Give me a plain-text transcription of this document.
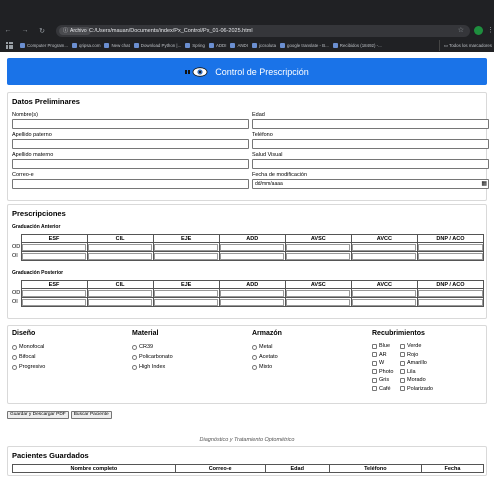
← → ↻	ⓘ Archivo C:/Users/mauan/Documents/index/Px_Control/Px_01-06-2025.html	☆	⋮
Computer Program...	qripsa.com	New chat	Download Python |...	Spring	ADDI	ANDI	jccsoluta	google translate - B...	Recibidos (18492) -...	▭ Todos los marcadores
Control de Prescripción
Datos Preliminares
Nombre(s)	Edad
Apellido paterno	Teléfono
Apellido materno	Salud Visual
Correo-e	Fecha de modificación
dd/mm/aaaa
▦
Prescripciones
Graduación Anterior
	ESF	CIL	EJE	ADD	AVSC	AVCC	DNP / ACO
OD	

OI	

Graduación Posterior
	ESF	CIL	EJE	ADD	AVSC	AVCC	DNP / ACO
OD	

OI	

Diseño
Monofocal
Bifocal
Progresivo
Material
CR39
Policarbonato
High Index
Armazón
Metal
Acetato
Mixto
Recubrimientos
Blue
AR
W
Photo
Gris
Café
Verde
Rojo
Amarillo
Lila
Morado
Polarizado
Guardar y Descargar PDF	Buscar Paciente
Diagnóstico y Tratamiento Optométrico
Pacientes Guardados
Nombre completo	Correo-e	Edad	Teléfono	Fecha
